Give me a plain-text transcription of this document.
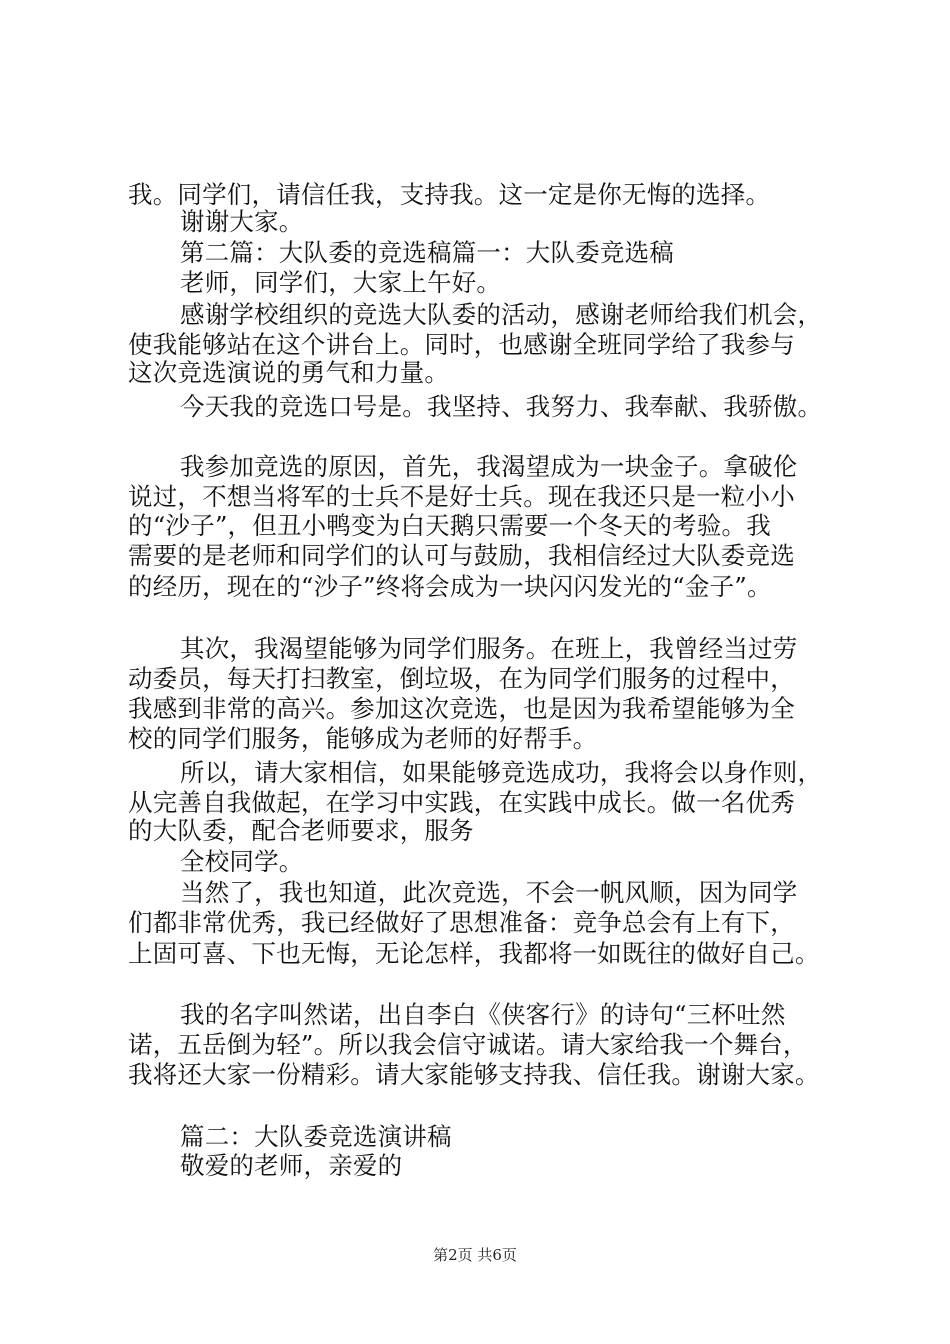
我。同学们，请信任我，支持我。这一定是你无悔的选择。
谢谢大家。
第二篇：大队委的竞选稿篇一：大队委竞选稿
老师，同学们，大家上午好。
感谢学校组织的竞选大队委的活动，感谢老师给我们机会，
使我能够站在这个讲台上。同时，也感谢全班同学给了我参与
这次竞选演说的勇气和力量。
今天我的竞选口号是。我坚持、我努力、我奉献、我骄傲。
我参加竞选的原因，首先，我渴望成为一块金子。拿破伦
说过，不想当将军的士兵不是好士兵。现在我还只是一粒小小
的“沙子”，但丑小鸭变为白天鹅只需要一个冬天的考验。我
需要的是老师和同学们的认可与鼓励，我相信经过大队委竞选
的经历，现在的“沙子”终将会成为一块闪闪发光的“金子”。
其次，我渴望能够为同学们服务。在班上，我曾经当过劳
动委员，每天打扫教室，倒垃圾，在为同学们服务的过程中，
我感到非常的高兴。参加这次竞选，也是因为我希望能够为全
校的同学们服务，能够成为老师的好帮手。
所以，请大家相信，如果能够竞选成功，我将会以身作则，
从完善自我做起，在学习中实践，在实践中成长。做一名优秀
的大队委，配合老师要求，服务
全校同学。
当然了，我也知道，此次竞选，不会一帆风顺，因为同学
们都非常优秀，我已经做好了思想准备：竞争总会有上有下，
上固可喜、下也无悔，无论怎样，我都将一如既往的做好自己。
我的名字叫然诺，出自李白《侠客行》的诗句“三杯吐然
诺，五岳倒为轻”。所以我会信守诚诺。请大家给我一个舞台，
我将还大家一份精彩。请大家能够支持我、信任我。谢谢大家。
篇二：大队委竞选演讲稿
敬爱的老师，亲爱的
第2页 共6页
